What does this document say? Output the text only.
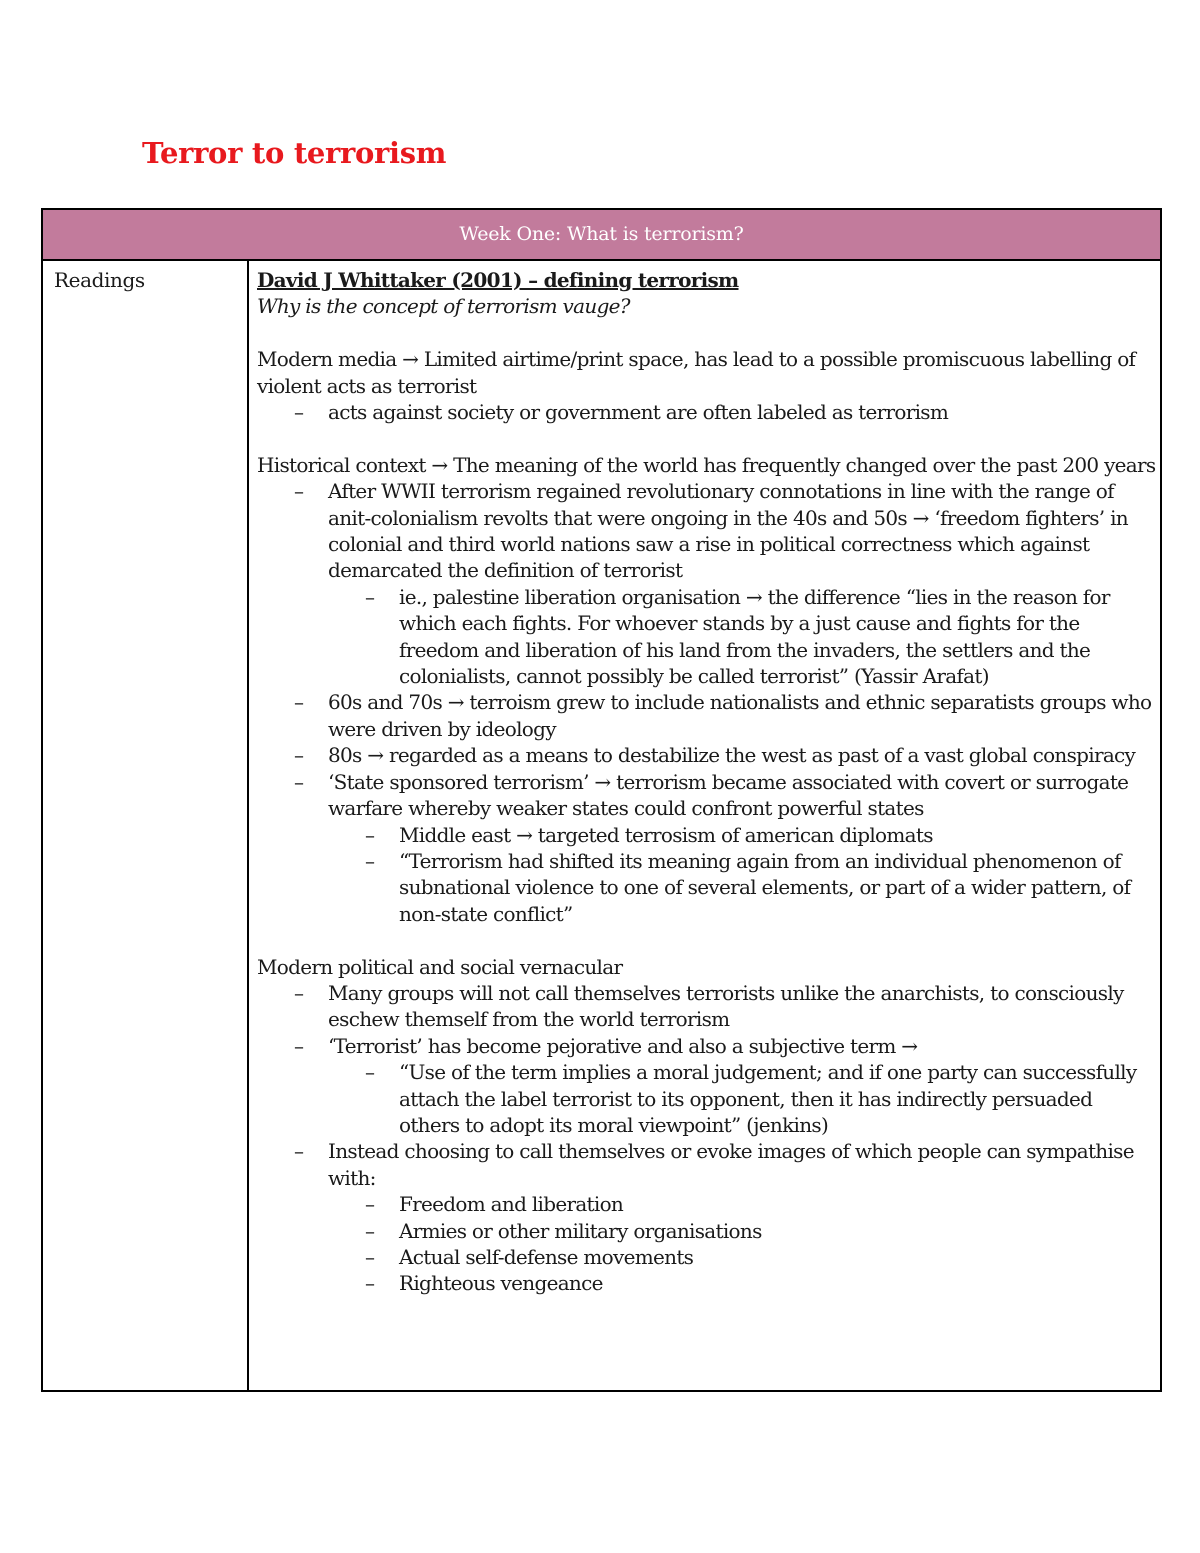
Terror to terrorism
Week One: What is terrorism?
Readings	David J Whittaker (2001) – defining terrorism

Why is the concept of terrorism vauge?

Modern media → Limited airtime/print space, has lead to a possible promiscuous labelling of violent acts as terrorist

– acts against society or government are often labeled as terrorism

Historical context → The meaning of the world has frequently changed over the past 200 years

– After WWII terrorism regained revolutionary connotations in line with the range of anit-colonialism revolts that were ongoing in the 40s and 50s → ‘freedom fighters’ in colonial and third world nations saw a rise in political correctness which against demarcated the definition of terrorist

– ie., palestine liberation organisation → the difference “lies in the reason for which each fights. For whoever stands by a just cause and fights for the freedom and liberation of his land from the invaders, the settlers and the colonialists, cannot possibly be called terrorist” (Yassir Arafat)

– 60s and 70s → terroism grew to include nationalists and ethnic separatists groups who were driven by ideology

– 80s → regarded as a means to destabilize the west as past of a vast global conspiracy

– ‘State sponsored terrorism’ → terrorism became associated with covert or surrogate warfare whereby weaker states could confront powerful states

– Middle east → targeted terrosism of american diplomats

– “Terrorism had shifted its meaning again from an individual phenomenon of subnational violence to one of several elements, or part of a wider pattern, of non-state conflict”

Modern political and social vernacular

– Many groups will not call themselves terrorists unlike the anarchists, to consciously eschew themself from the world terrorism

– ‘Terrorist’ has become pejorative and also a subjective term →

– “Use of the term implies a moral judgement; and if one party can successfully attach the label terrorist to its opponent, then it has indirectly persuaded others to adopt its moral viewpoint” (jenkins)

– Instead choosing to call themselves or evoke images of which people can sympathise with:

– Freedom and liberation

– Armies or other military organisations

– Actual self-defense movements

– Righteous vengeance
